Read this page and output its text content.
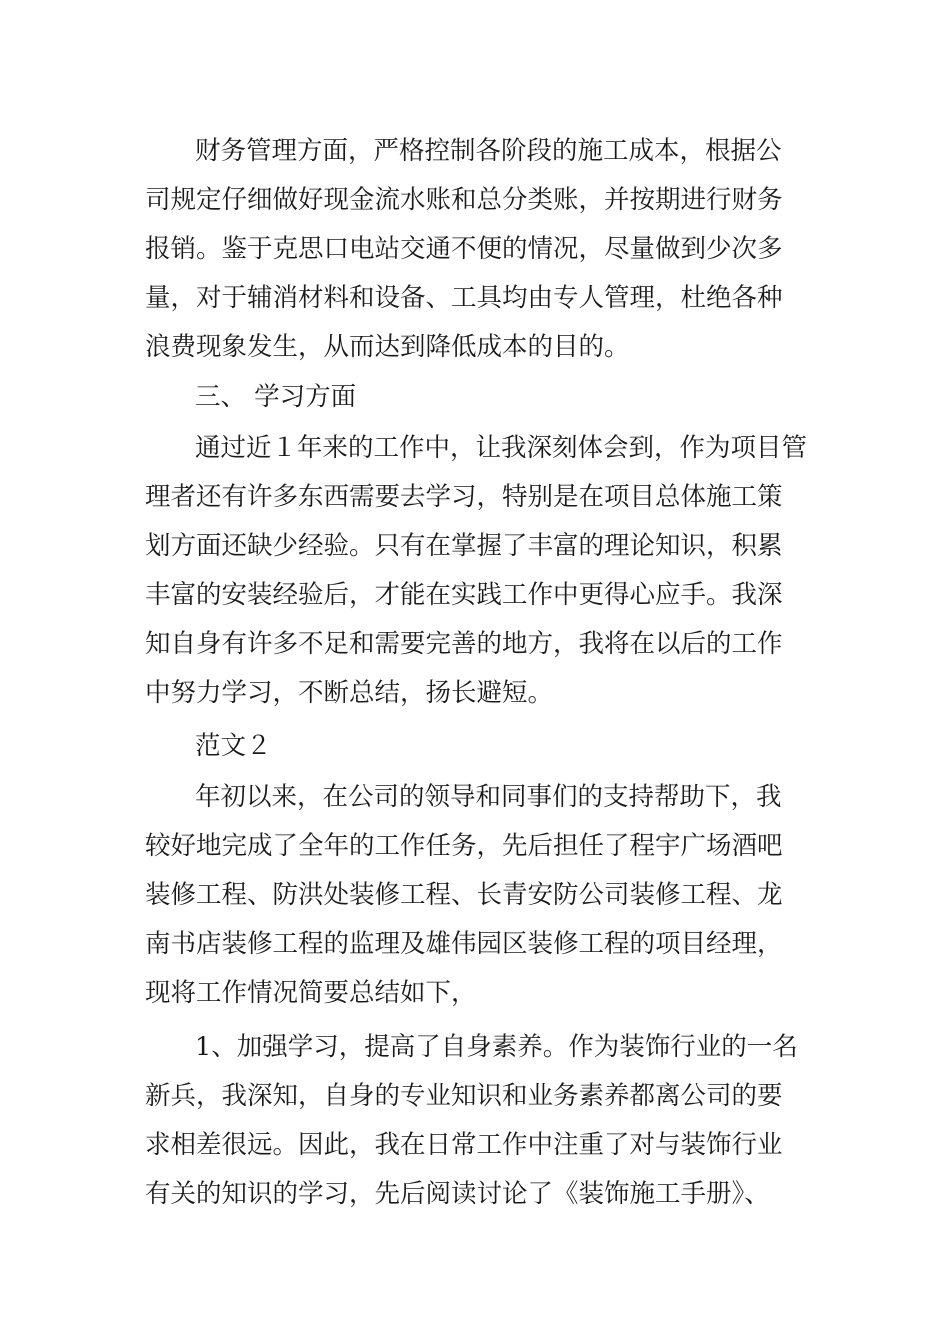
财务管理方面，严格控制各阶段的施工成本，根据公
司规定仔细做好现金流水账和总分类账，并按期进行财务
报销。鉴于克思口电站交通不便的情况，尽量做到少次多
量，对于辅消材料和设备、工具均由专人管理，杜绝各种
浪费现象发生，从而达到降低成本的目的。
三、 学习方面
通过近１年来的工作中，让我深刻体会到，作为项目管
理者还有许多东西需要去学习，特别是在项目总体施工策
划方面还缺少经验。只有在掌握了丰富的理论知识，积累
丰富的安装经验后，才能在实践工作中更得心应手。我深
知自身有许多不足和需要完善的地方，我将在以后的工作
中努力学习，不断总结，扬长避短。
范文２
年初以来，在公司的领导和同事们的支持帮助下，我
较好地完成了全年的工作任务，先后担任了程宇广场酒吧
装修工程、防洪处装修工程、长青安防公司装修工程、龙
南书店装修工程的监理及雄伟园区装修工程的项目经理，
现将工作情况简要总结如下，
1、加强学习，提高了自身素养。作为装饰行业的一名
新兵，我深知，自身的专业知识和业务素养都离公司的要
求相差很远。因此，我在日常工作中注重了对与装饰行业
有关的知识的学习，先后阅读讨论了《装饰施工手册》、
